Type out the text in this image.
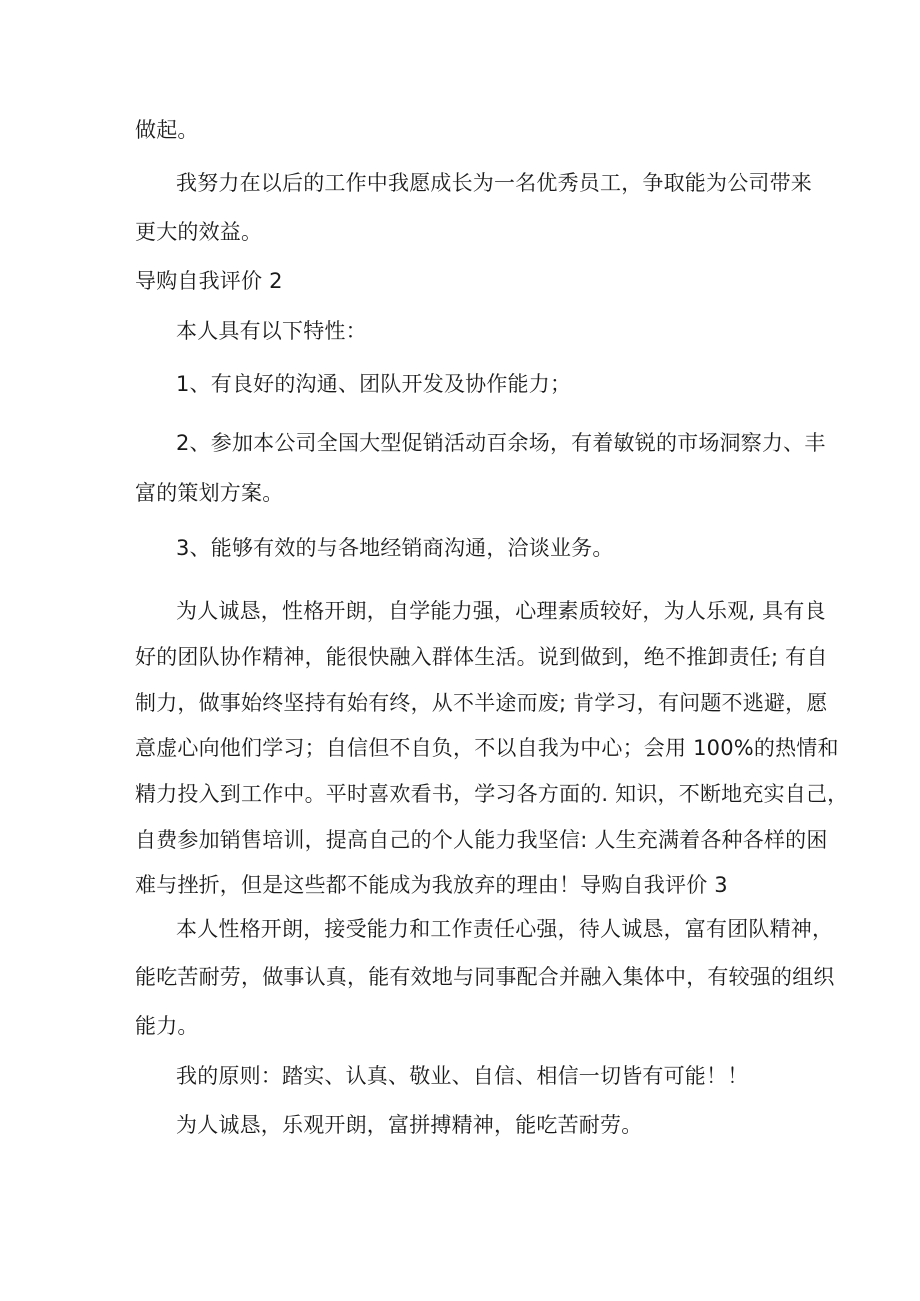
做起。
我努力在以后的工作中我愿成长为一名优秀员工，争取能为公司带来
更大的效益。
导购自我评价 2
本人具有以下特性：
1、有良好的沟通、团队开发及协作能力；
2、参加本公司全国大型促销活动百余场，有着敏锐的市场洞察力、丰
富的策划方案。
3、能够有效的与各地经销商沟通，洽谈业务。
为人诚恳，性格开朗，自学能力强，心理素质较好，为人乐观, 具有良
好的团队协作精神，能很快融入群体生活。说到做到，绝不推卸责任; 有自
制力，做事始终坚持有始有终，从不半途而废; 肯学习，有问题不逃避，愿
意虚心向他们学习；自信但不自负，不以自我为中心；会用 100%的热情和
精力投入到工作中。平时喜欢看书，学习各方面的. 知识，不断地充实自己，
自费参加销售培训，提高自己的个人能力我坚信: 人生充满着各种各样的困
难与挫折，但是这些都不能成为我放弃的理由！导购自我评价 3
本人性格开朗，接受能力和工作责任心强，待人诚恳，富有团队精神，
能吃苦耐劳，做事认真，能有效地与同事配合并融入集体中，有较强的组织
能力。
我的原则：踏实、认真、敬业、自信、相信一切皆有可能！！
为人诚恳，乐观开朗，富拼搏精神，能吃苦耐劳。
